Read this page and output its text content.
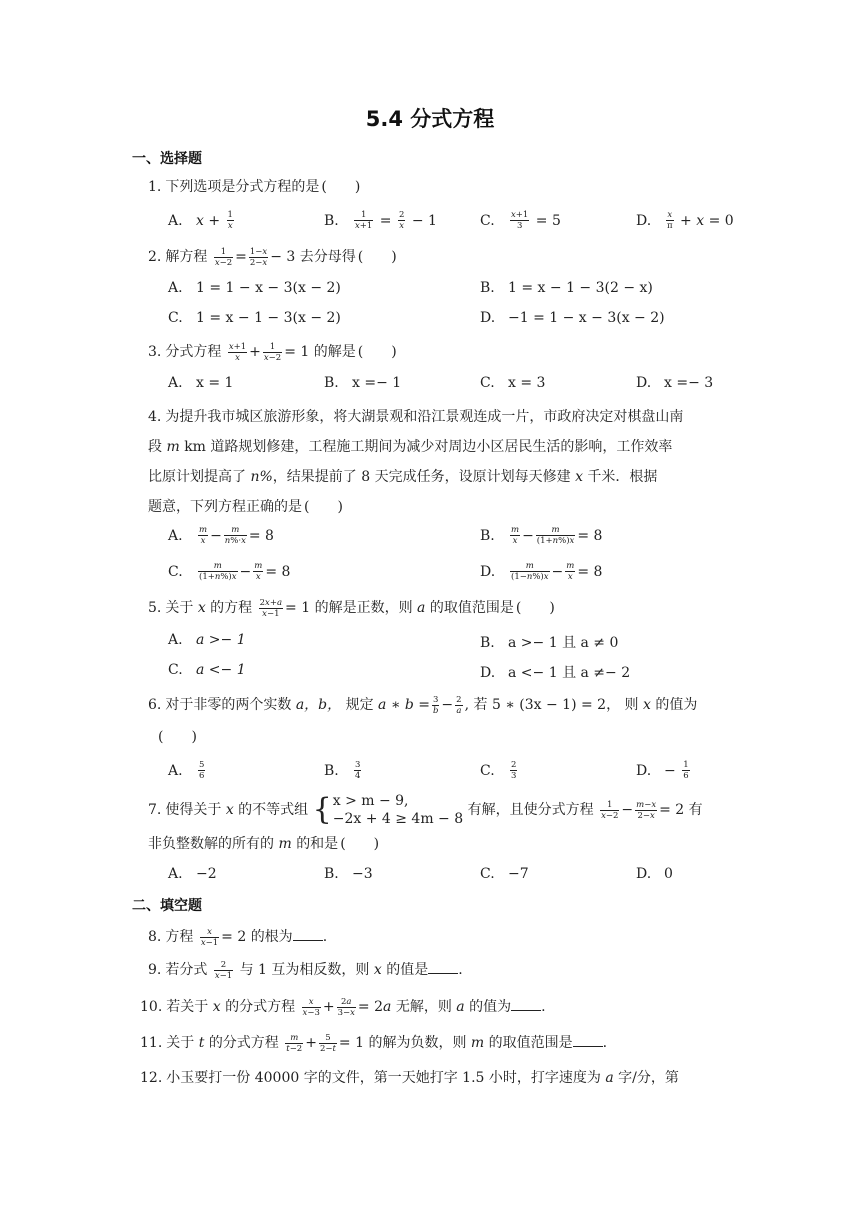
5.4 分式方程
一、选择题
1. 下列选项是分式方程的是 (　　)
A. $x + \frac{1}{x}$	B. $\frac{1}{x+1} = \frac{2}{x} - 1$	C. $\frac{x+1}{3} = 5$	D. $\frac{x}{\pi} + x = 0$
2. 解方程 $\frac{1}{x-2} = \frac{1-x}{2-x} - 3$ 去分母得 (　　)
A. 1 = 1 − x − 3(x − 2)	B. 1 = x − 1 − 3(2 − x)
C. 1 = x − 1 − 3(x − 2)	D. −1 = 1 − x − 3(x − 2)
3. 分式方程 $\frac{x+1}{x} + \frac{1}{x-2} = 1$ 的解是 (　　)
A. x = 1	B. x =− 1	C. x = 3	D. x =− 3
4. 为提升我市城区旅游形象，将大湖景观和沿江景观连成一片，市政府决定对棋盘山南
段 m km 道路规划修建，工程施工期间为减少对周边小区居民生活的影响，工作效率
比原计划提高了 n%，结果提前了 8 天完成任务，设原计划每天修建 x 千米．根据
题意，下列方程正确的是 (　　)
A. $\frac{m}{x} - \frac{m}{n\%\cdot x} = 8$	B. $\frac{m}{x} - \frac{m}{(1+n\%)x} = 8$
C. $\frac{m}{(1+n\%)x} - \frac{m}{x} = 8$	D. $\frac{m}{(1-n\%)x} - \frac{m}{x} = 8$
5. 关于 x 的方程 $\frac{2x+a}{x-1} = 1$ 的解是正数，则 a 的取值范围是 (　　)
A. a >− 1	B. a >− 1 且 a ≠ 0
C. a <− 1	D. a <− 1 且 a ≠− 2
6. 对于非零的两个实数 a，b， 规定 a ∗ $b = \frac{3}{b} - \frac{2}{a}$ , 若 5 ∗ (3x − 1) = 2， 则 x 的值为
(　　)
A. $\frac{5}{6}$	B. $\frac{3}{4}$	C. $\frac{2}{3}$	D. − $\frac{1}{6}$
7. 使得关于 x 的不等式组 { x > m − 9,
−2x + 4 ≥ 4m − 8
有解，且使分式方程 $\frac{1}{x-2} - \frac{m-x}{2-x} = 2$ 有
非负整数解的所有的 m 的和是 (　　)
A. −2	B. −3	C. −7	D. 0
二、填空题
8. 方程 $\frac{x}{x-1} = 2$ 的根为 .
9. 若分式 $\frac{2}{x-1}$ 与 1 互为相反数，则 x 的值是 .
10. 若关于 x 的分式方程 $\frac{x}{x-3} + \frac{2a}{3-x} = 2a$ 无解，则 a 的值为 .
11. 关于 t 的分式方程 $\frac{m}{t-2} + \frac{5}{2-t} = 1$ 的解为负数，则 m 的取值范围是 .
12. 小玉要打一份 40000 字的文件，第一天她打字 1.5 小时，打字速度为 a 字/分，第
